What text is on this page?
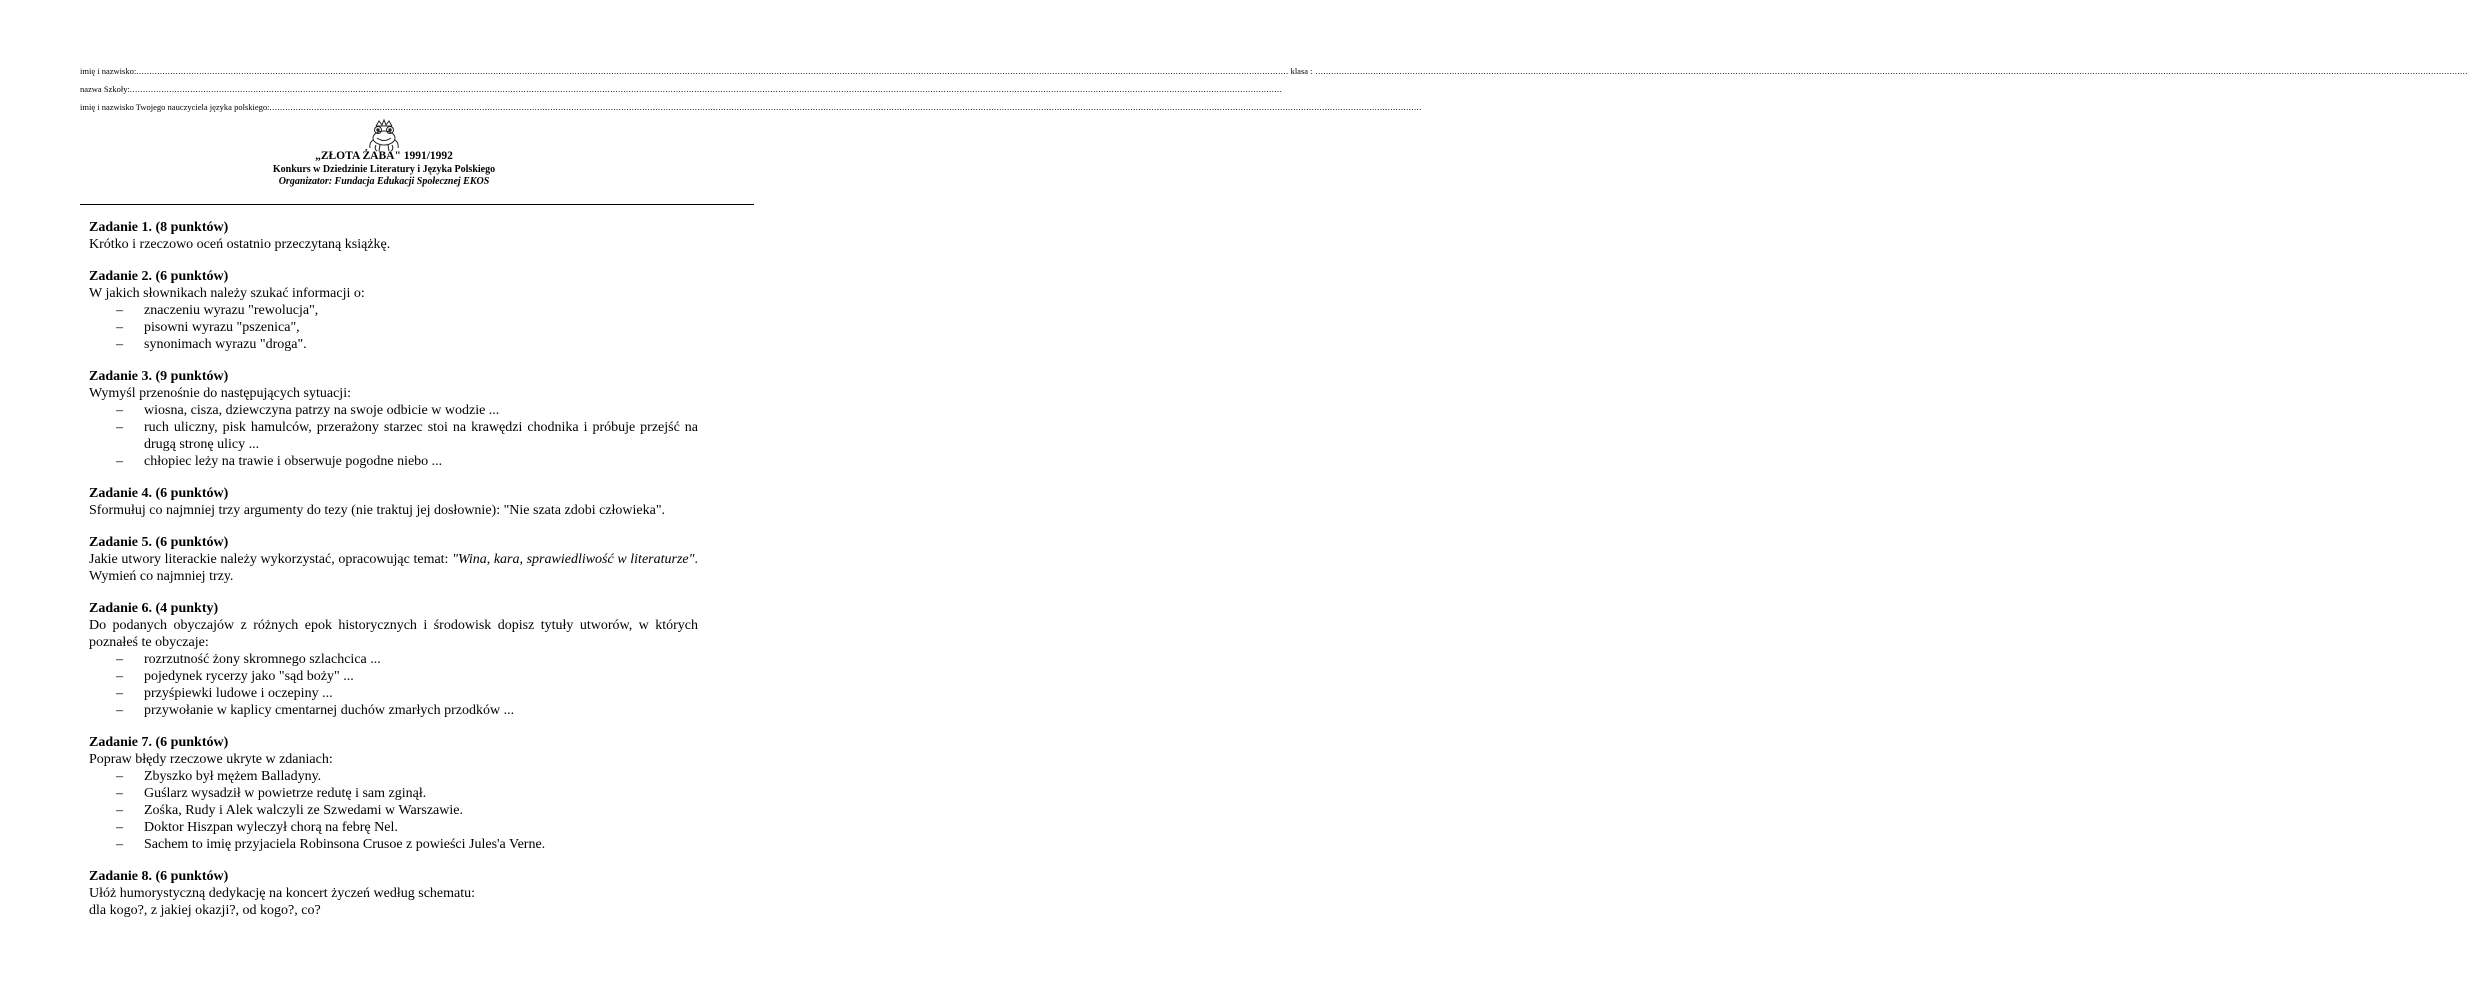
imię i nazwisko: ....................................................................................................................................................................................................................................................................................................................................................................................................................................................... klasa : .......................................................................................................................................................................................................................................................................................................................................................................................................................................................
nazwa Szkoły: .......................................................................................................................................................................................................................................................................................................................................................................................................................................................
imię i nazwisko Twojego nauczyciela języka polskiego: .......................................................................................................................................................................................................................................................................................................................................................................................................................................................
„ZŁOTA ŻABA" 1991/1992
Konkurs w Dziedzinie Literatury i Języka Polskiego
Organizator: Fundacja Edukacji Społecznej EKOS
Zadanie 1. (8 punktów)
Krótko i rzeczowo oceń ostatnio przeczytaną książkę.
Zadanie 2. (6 punktów)
W jakich słownikach należy szukać informacji o:
– znaczeniu wyrazu "rewolucja",
– pisowni wyrazu "pszenica",
– synonimach wyrazu "droga".
Zadanie 3. (9 punktów)
Wymyśl przenośnie do następujących sytuacji:
– wiosna, cisza, dziewczyna patrzy na swoje odbicie w wodzie ...
– ruch uliczny, pisk hamulców, przerażony starzec stoi na krawędzi chodnika i próbuje przejść na drugą stronę ulicy ...
– chłopiec leży na trawie i obserwuje pogodne niebo ...
Zadanie 4. (6 punktów)
Sformułuj co najmniej trzy argumenty do tezy (nie traktuj jej dosłownie): "Nie szata zdobi człowieka".
Zadanie 5. (6 punktów)
Jakie utwory literackie należy wykorzystać, opracowując temat: "Wina, kara, sprawiedliwość w literaturze". Wymień co najmniej trzy.
Zadanie 6. (4 punkty)
Do podanych obyczajów z różnych epok historycznych i środowisk dopisz tytuły utworów, w których poznałeś te obyczaje:
– rozrzutność żony skromnego szlachcica ...
– pojedynek rycerzy jako "sąd boży" ...
– przyśpiewki ludowe i oczepiny ...
– przywołanie w kaplicy cmentarnej duchów zmarłych przodków ...
Zadanie 7. (6 punktów)
Popraw błędy rzeczowe ukryte w zdaniach:
– Zbyszko był mężem Balladyny.
– Guślarz wysadził w powietrze redutę i sam zginął.
– Zośka, Rudy i Alek walczyli ze Szwedami w Warszawie.
– Doktor Hiszpan wyleczył chorą na febrę Nel.
– Sachem to imię przyjaciela Robinsona Crusoe z powieści Jules'a Verne.
Zadanie 8. (6 punktów)
Ułóż humorystyczną dedykację na koncert życzeń według schematu:
dla kogo?, z jakiej okazji?, od kogo?, co?
